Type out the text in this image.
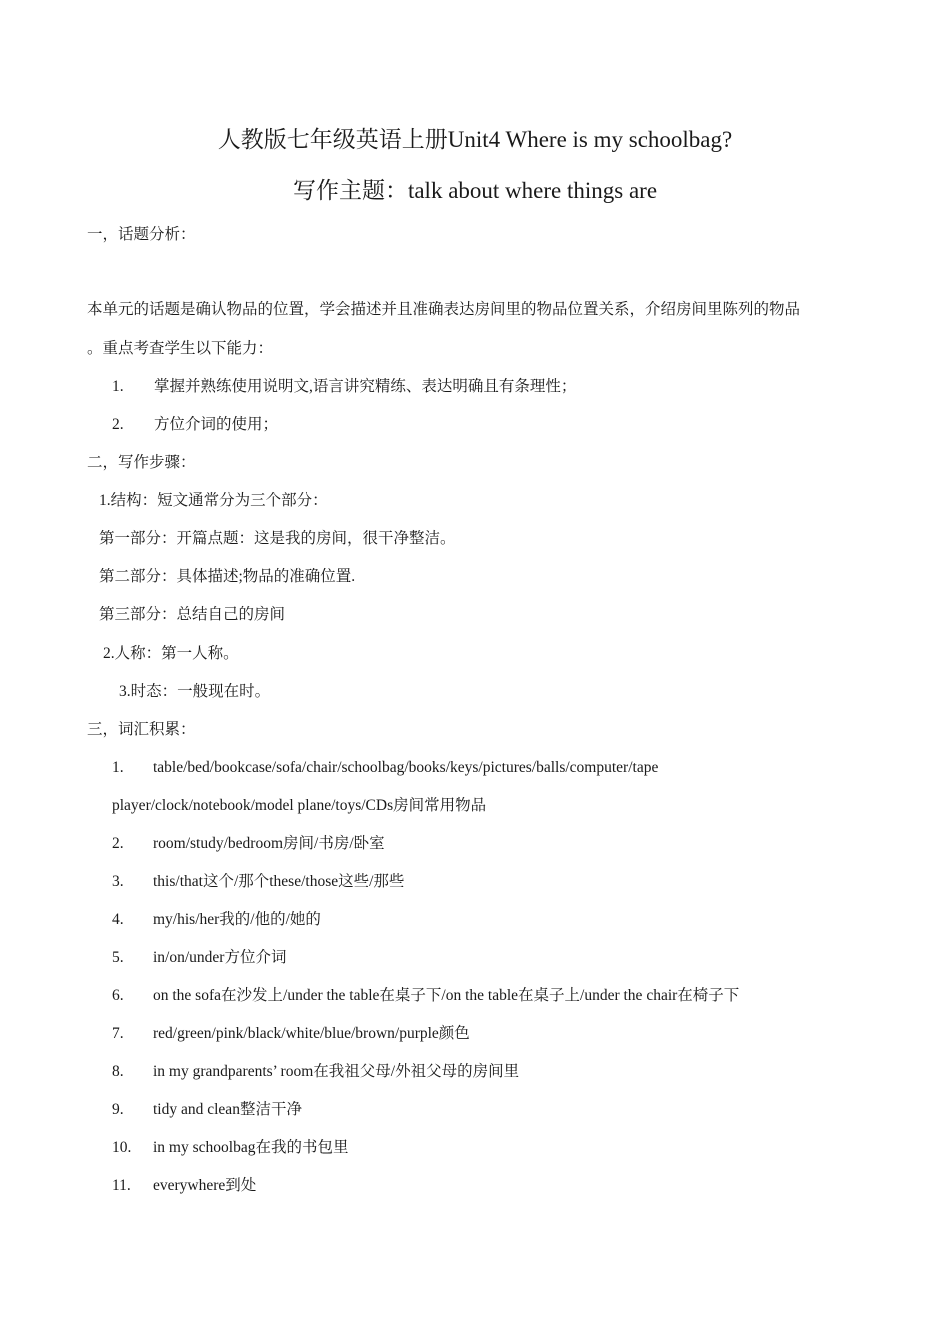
人教版七年级英语上册Unit4 Where is my schoolbag?
写作主题：talk about where things are
一，话题分析：
本单元的话题是确认物品的位置，学会描述并且准确表达房间里的物品位置关系，介绍房间里陈列的物品
。重点考查学生以下能力：
1. 掌握并熟练使用说明文,语言讲究精练、表达明确且有条理性；
2. 方位介词的使用；
二，写作步骤：
1.结构：短文通常分为三个部分：
第一部分：开篇点题：这是我的房间，很干净整洁。
第二部分：具体描述;物品的准确位置.
第三部分：总结自己的房间
2.人称：第一人称。
3.时态：一般现在时。
三，词汇积累：
1. table/bed/bookcase/sofa/chair/schoolbag/books/keys/pictures/balls/computer/tape
player/clock/notebook/model plane/toys/CDs房间常用物品
2. room/study/bedroom房间/书房/卧室
3. this/that这个/那个these/those这些/那些
4. my/his/her我的/他的/她的
5. in/on/under方位介词
6. on the sofa在沙发上/under the table在桌子下/on the table在桌子上/under the chair在椅子下
7. red/green/pink/black/white/blue/brown/purple颜色
8. in my grandparents’ room在我祖父母/外祖父母的房间里
9. tidy and clean整洁干净
10. in my schoolbag在我的书包里
11. everywhere到处
